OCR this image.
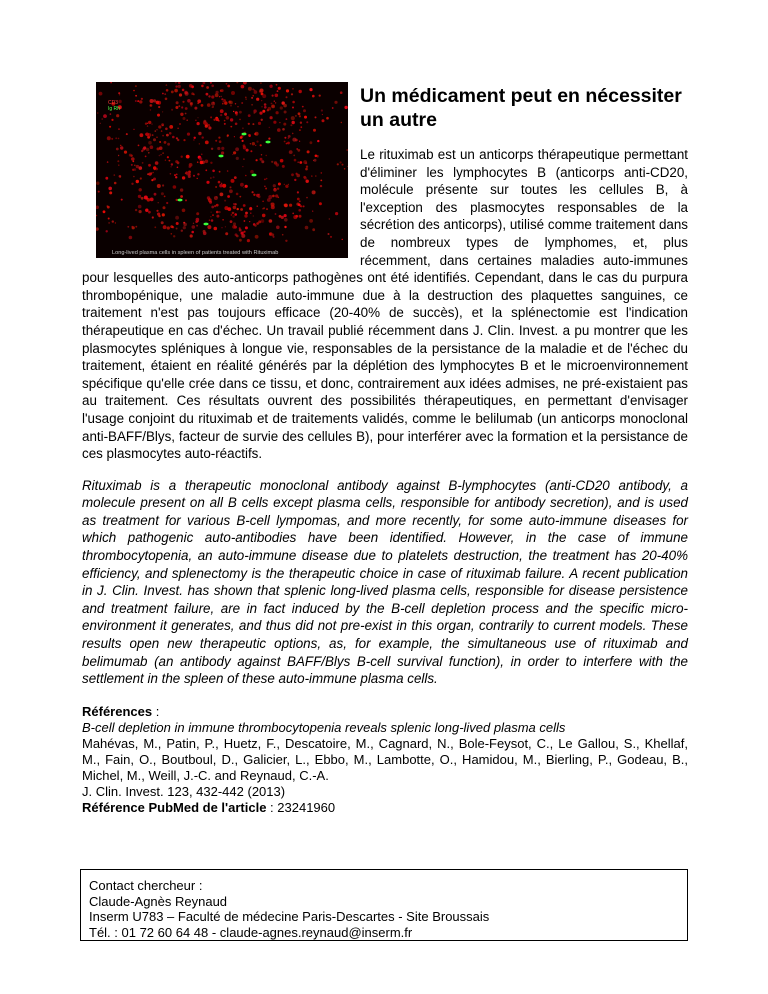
CD3
Ig Rh
Long-lived plasma cells in spleen of patients treated with Rituximab
Un médicament peut en nécessiter un autre

Le rituximab est un anticorps thérapeutique permettant d'éliminer les lymphocytes B (anticorps anti-CD20, molécule présente sur toutes les cellules B, à l'exception des plasmocytes responsables de la sécrétion des anticorps), utilisé comme traitement dans de nombreux types de lymphomes, et, plus récemment, dans certaines maladies auto-immunes pour lesquelles des auto-anticorps pathogènes ont été identifiés. Cependant, dans le cas du purpura thrombopénique, une maladie auto-immune due à la destruction des plaquettes sanguines, ce traitement n'est pas toujours efficace (20-40% de succès), et la splénectomie est l'indication thérapeutique en cas d'échec. Un travail publié récemment dans J. Clin. Invest. a pu montrer que les plasmocytes spléniques à longue vie, responsables de la persistance de la maladie et de l'échec du traitement, étaient en réalité générés par la déplétion des lymphocytes B et le microenvironnement spécifique qu'elle crée dans ce tissu, et donc, contrairement aux idées admises, ne pré-existaient pas au traitement. Ces résultats ouvrent des possibilités thérapeutiques, en permettant d'envisager l'usage conjoint du rituximab et de traitements validés, comme le belilumab (un anticorps monoclonal anti-BAFF/Blys, facteur de survie des cellules B), pour interférer avec la formation et la persistance de ces plasmocytes auto-réactifs.

Rituximab is a therapeutic monoclonal antibody against B-lymphocytes (anti-CD20 antibody, a molecule present on all B cells except plasma cells, responsible for antibody secretion), and is used as treatment for various B-cell lympomas, and more recently, for some auto-immune diseases for which pathogenic auto-antibodies have been identified. However, in the case of immune thrombocytopenia, an auto-immune disease due to platelets destruction, the treatment has 20-40% efficiency, and splenectomy is the therapeutic choice in case of rituximab failure. A recent publication in J. Clin. Invest. has shown that splenic long-lived plasma cells, responsible for disease persistence and treatment failure, are in fact induced by the B-cell depletion process and the specific micro-environment it generates, and thus did not pre-exist in this organ, contrarily to current models. These results open new therapeutic options, as, for example, the simultaneous use of rituximab and belimumab (an antibody against BAFF/Blys B-cell survival function), in order to interfere with the settlement in the spleen of these auto-immune plasma cells.

Références :

B-cell depletion in immune thrombocytopenia reveals splenic long-lived plasma cells

Mahévas, M., Patin, P., Huetz, F., Descatoire, M., Cagnard, N., Bole-Feysot, C., Le Gallou, S., Khellaf, M., Fain, O., Boutboul, D., Galicier, L., Ebbo, M., Lambotte, O., Hamidou, M., Bierling, P., Godeau, B., Michel, M., Weill, J.-C. and Reynaud, C.-A.

J. Clin. Invest. 123, 432-442 (2013)

Référence PubMed de l'article : 23241960

Contact chercheur :
Claude-Agnès Reynaud
Inserm U783 – Faculté de médecine Paris-Descartes - Site Broussais
Tél. : 01 72 60 64 48 - claude-agnes.reynaud@inserm.fr
